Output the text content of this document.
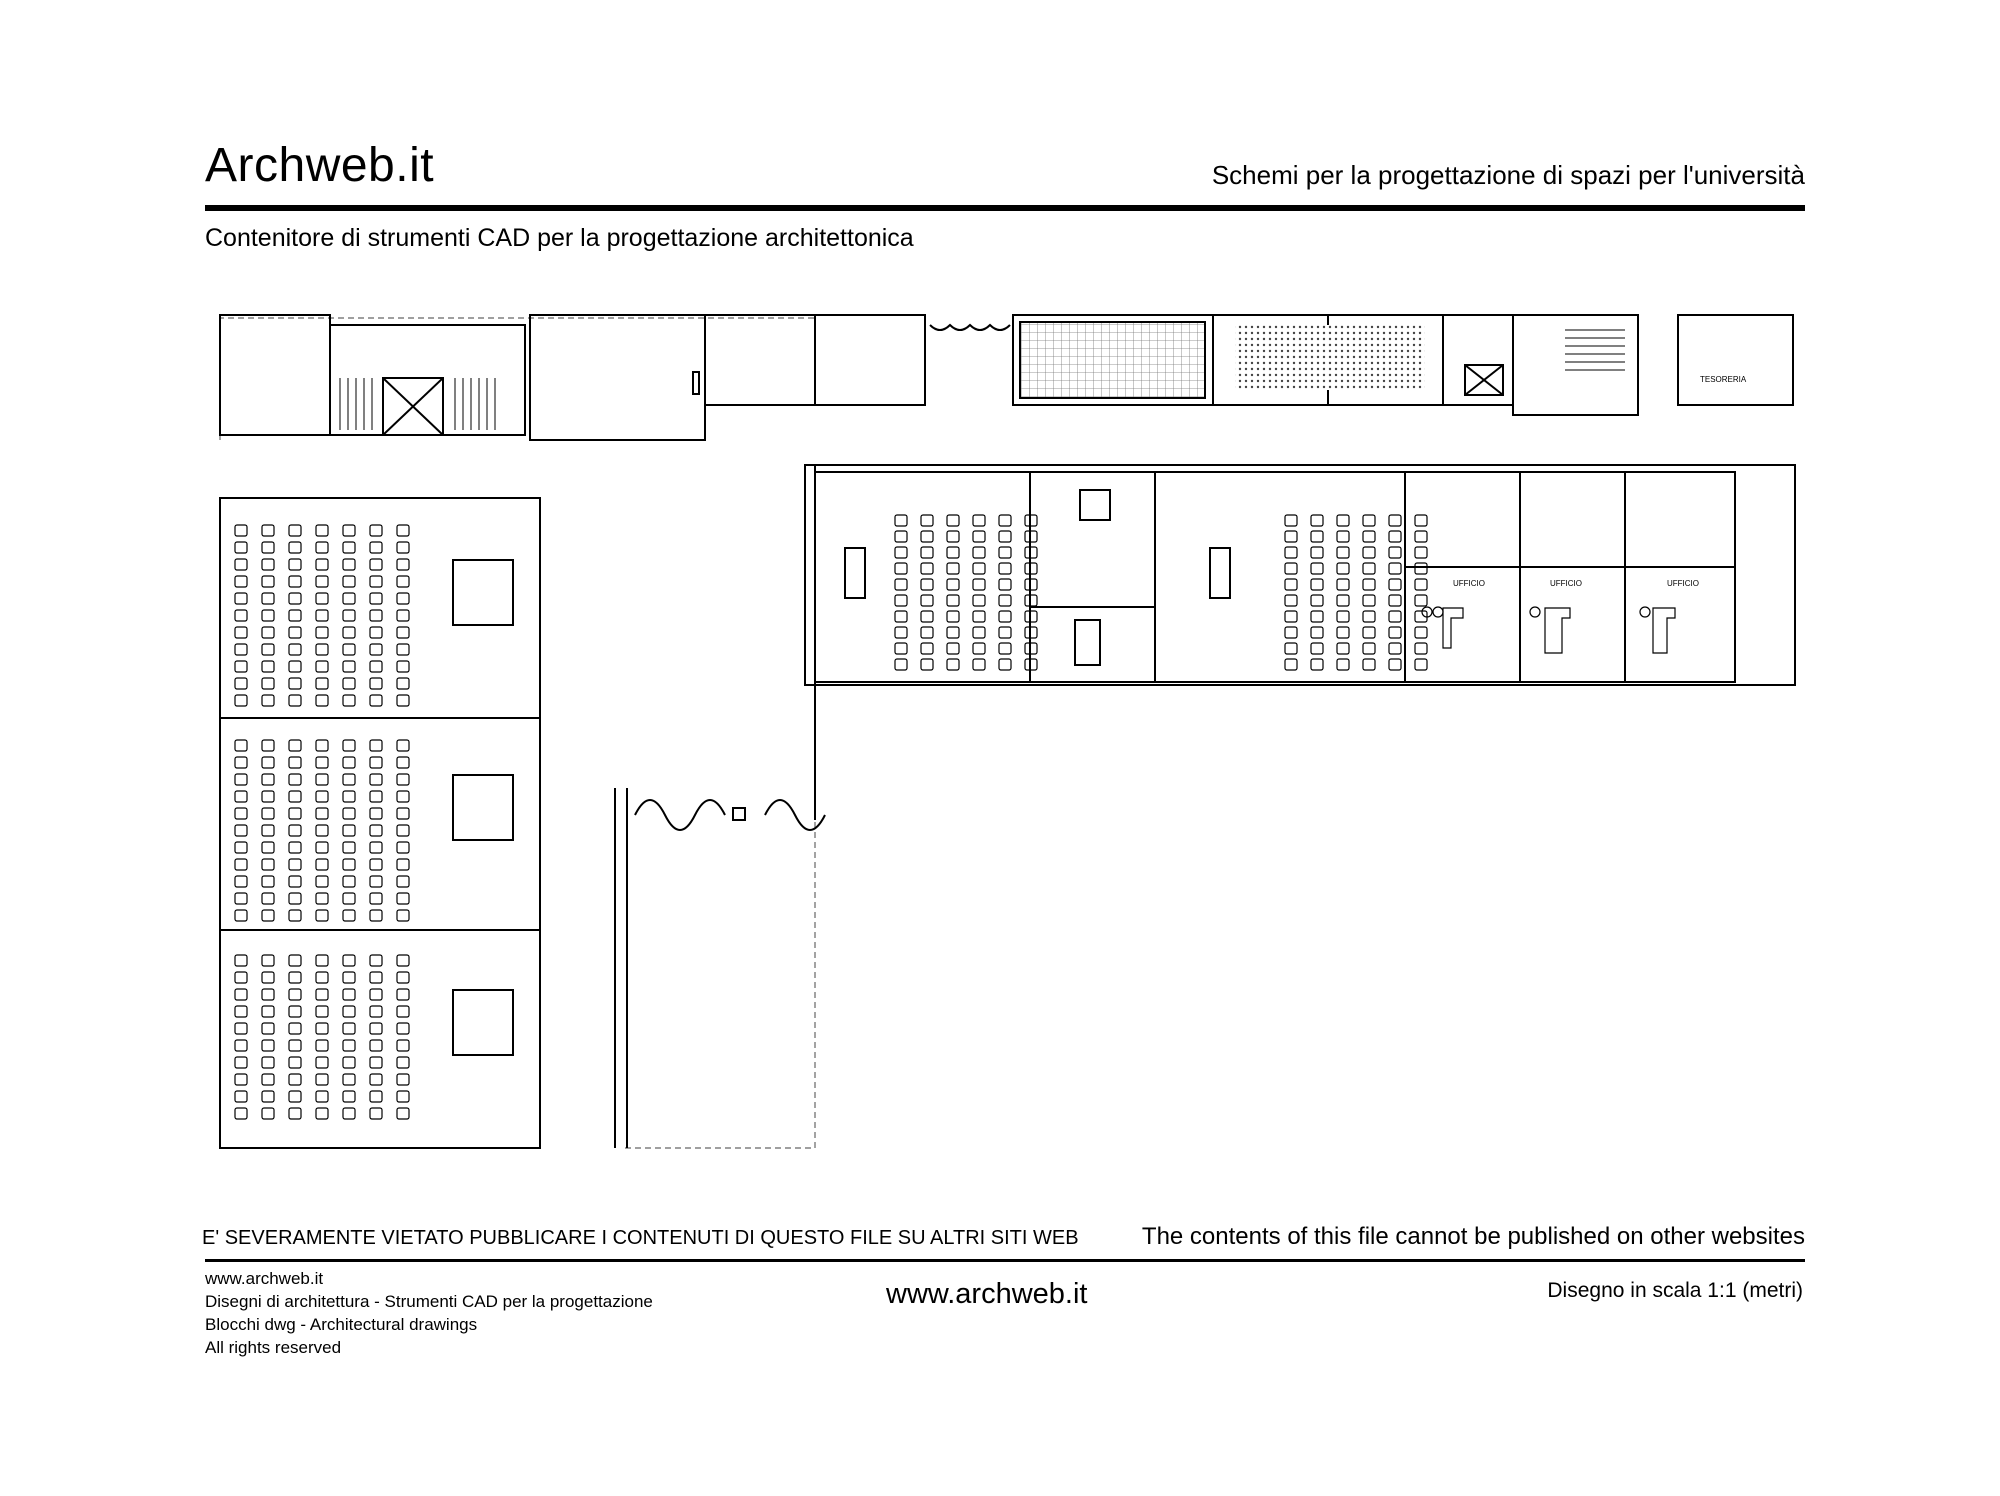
Archweb.it	Schemi per la progettazione di spazi per l'università
Contenitore di strumenti CAD per la progettazione architettonica
TESORERIA
UFFICIO	UFFICIO	UFFICIO
E' SEVERAMENTE VIETATO PUBBLICARE I CONTENUTI DI QUESTO FILE SU ALTRI SITI WEB	The contents of this file cannot be published on other websites
www.archweb.it
Disegni di architettura - Strumenti CAD per la progettazione
Blocchi dwg - Architectural drawings
All rights reserved
www.archweb.it	Disegno in scala 1:1 (metri)
